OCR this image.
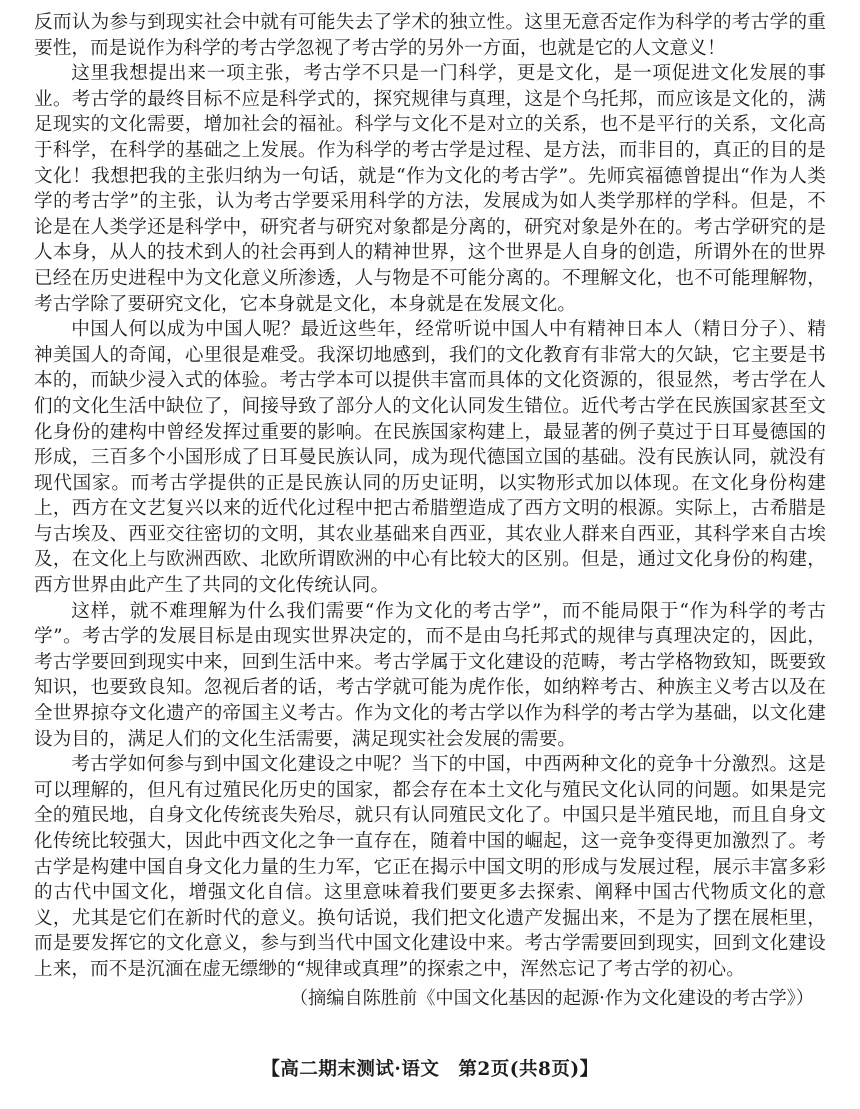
反而认为参与到现实社会中就有可能失去了学术的独立性。这里无意否定作为科学的考古学的重要性，而是说作为科学的考古学忽视了考古学的另外一方面，也就是它的人文意义！

这里我想提出来一项主张，考古学不只是一门科学，更是文化，是一项促进文化发展的事业。考古学的最终目标不应是科学式的，探究规律与真理，这是个乌托邦，而应该是文化的，满足现实的文化需要，增加社会的福祉。科学与文化不是对立的关系，也不是平行的关系，文化高于科学，在科学的基础之上发展。作为科学的考古学是过程、是方法，而非目的，真正的目的是文化！我想把我的主张归纳为一句话，就是“作为文化的考古学”。先师宾福德曾提出“作为人类学的考古学”的主张，认为考古学要采用科学的方法，发展成为如人类学那样的学科。但是，不论是在人类学还是科学中，研究者与研究对象都是分离的，研究对象是外在的。考古学研究的是人本身，从人的技术到人的社会再到人的精神世界，这个世界是人自身的创造，所谓外在的世界已经在历史进程中为文化意义所渗透，人与物是不可能分离的。不理解文化，也不可能理解物，考古学除了要研究文化，它本身就是文化，本身就是在发展文化。

中国人何以成为中国人呢？最近这些年，经常听说中国人中有精神日本人（精日分子）、精神美国人的奇闻，心里很是难受。我深切地感到，我们的文化教育有非常大的欠缺，它主要是书本的，而缺少浸入式的体验。考古学本可以提供丰富而具体的文化资源的，很显然，考古学在人们的文化生活中缺位了，间接导致了部分人的文化认同发生错位。近代考古学在民族国家甚至文化身份的建构中曾经发挥过重要的影响。在民族国家构建上，最显著的例子莫过于日耳曼德国的形成，三百多个小国形成了日耳曼民族认同，成为现代德国立国的基础。没有民族认同，就没有现代国家。而考古学提供的正是民族认同的历史证明，以实物形式加以体现。在文化身份构建上，西方在文艺复兴以来的近代化过程中把古希腊塑造成了西方文明的根源。实际上，古希腊是与古埃及、西亚交往密切的文明，其农业基础来自西亚，其农业人群来自西亚，其科学来自古埃及，在文化上与欧洲西欧、北欧所谓欧洲的中心有比较大的区别。但是，通过文化身份的构建，西方世界由此产生了共同的文化传统认同。

这样，就不难理解为什么我们需要“作为文化的考古学”，而不能局限于“作为科学的考古学”。考古学的发展目标是由现实世界决定的，而不是由乌托邦式的规律与真理决定的，因此，考古学要回到现实中来，回到生活中来。考古学属于文化建设的范畴，考古学格物致知，既要致知识，也要致良知。忽视后者的话，考古学就可能为虎作伥，如纳粹考古、种族主义考古以及在全世界掠夺文化遗产的帝国主义考古。作为文化的考古学以作为科学的考古学为基础，以文化建设为目的，满足人们的文化生活需要，满足现实社会发展的需要。

考古学如何参与到中国文化建设之中呢？当下的中国，中西两种文化的竞争十分激烈。这是可以理解的，但凡有过殖民化历史的国家，都会存在本土文化与殖民文化认同的问题。如果是完全的殖民地，自身文化传统丧失殆尽，就只有认同殖民文化了。中国只是半殖民地，而且自身文化传统比较强大，因此中西文化之争一直存在，随着中国的崛起，这一竞争变得更加激烈了。考古学是构建中国自身文化力量的生力军，它正在揭示中国文明的形成与发展过程，展示丰富多彩的古代中国文化，增强文化自信。这里意味着我们要更多去探索、阐释中国古代物质文化的意义，尤其是它们在新时代的意义。换句话说，我们把文化遗产发掘出来，不是为了摆在展柜里，而是要发挥它的文化意义，参与到当代中国文化建设中来。考古学需要回到现实，回到文化建设上来，而不是沉湎在虚无缥缈的“规律或真理”的探索之中，浑然忘记了考古学的初心。

（摘编自陈胜前《中国文化基因的起源·作为文化建设的考古学》）

【高二期末测试·语文　第2页(共8页)】
